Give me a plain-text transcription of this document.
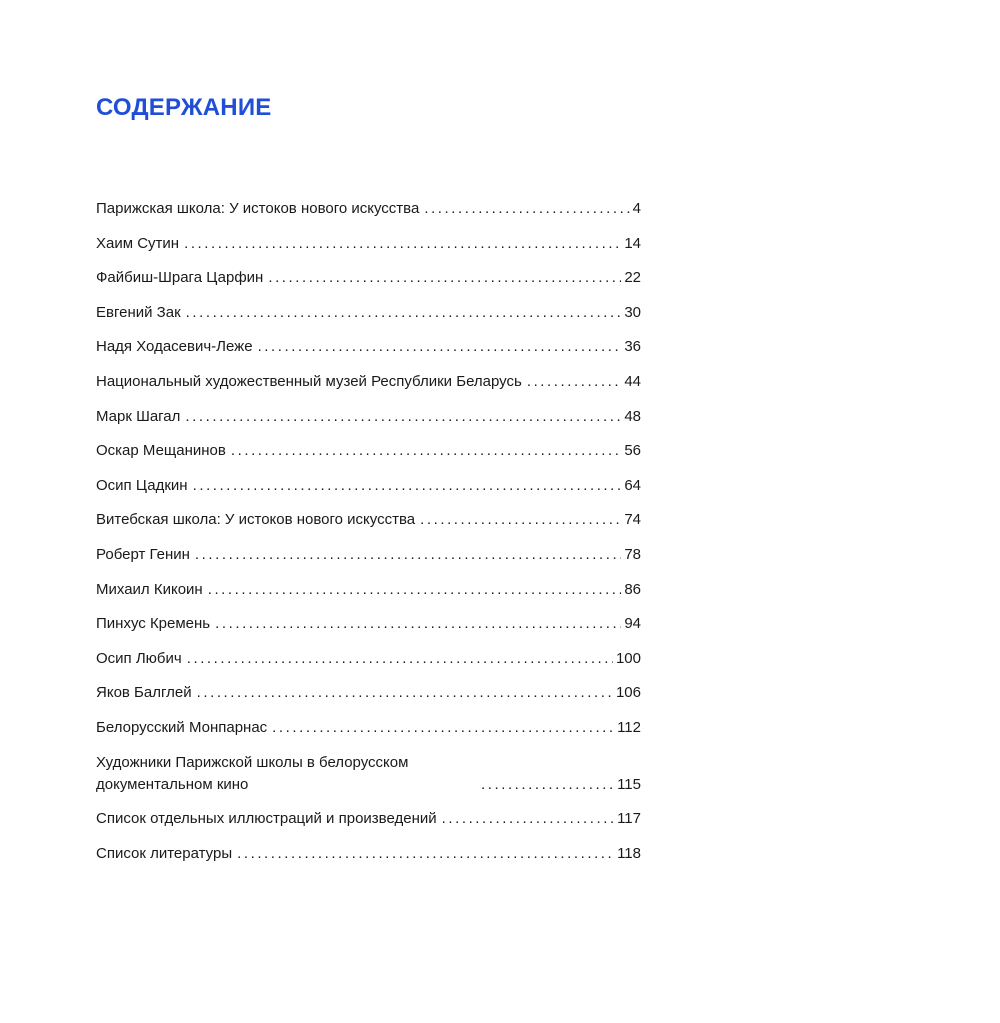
СОДЕРЖАНИЕ
Парижская школа: У истоков нового искусства . . .	4
Хаим Сутин . . .	14
Файбиш-Шрага Царфин . . .	22
Евгений Зак . . .	30
Надя Ходасевич-Леже . . .	36
Национальный художественный музей Республики Беларусь . . .	44
Марк Шагал . . .	48
Оскар Мещанинов . . .	56
Осип Цадкин . . .	64
Витебская школа: У истоков нового искусства . . .	74
Роберт Генин . . .	78
Михаил Кикоин . . .	86
Пинхус Кремень . . .	94
Осип Любич . . .	100
Яков Балглей . . .	106
Белорусский Монпарнас . . .	112
Художники Парижской школы в белорусском документальном кино . . .	115
Список отдельных иллюстраций и произведений . . .	117
Список литературы . . .	118
